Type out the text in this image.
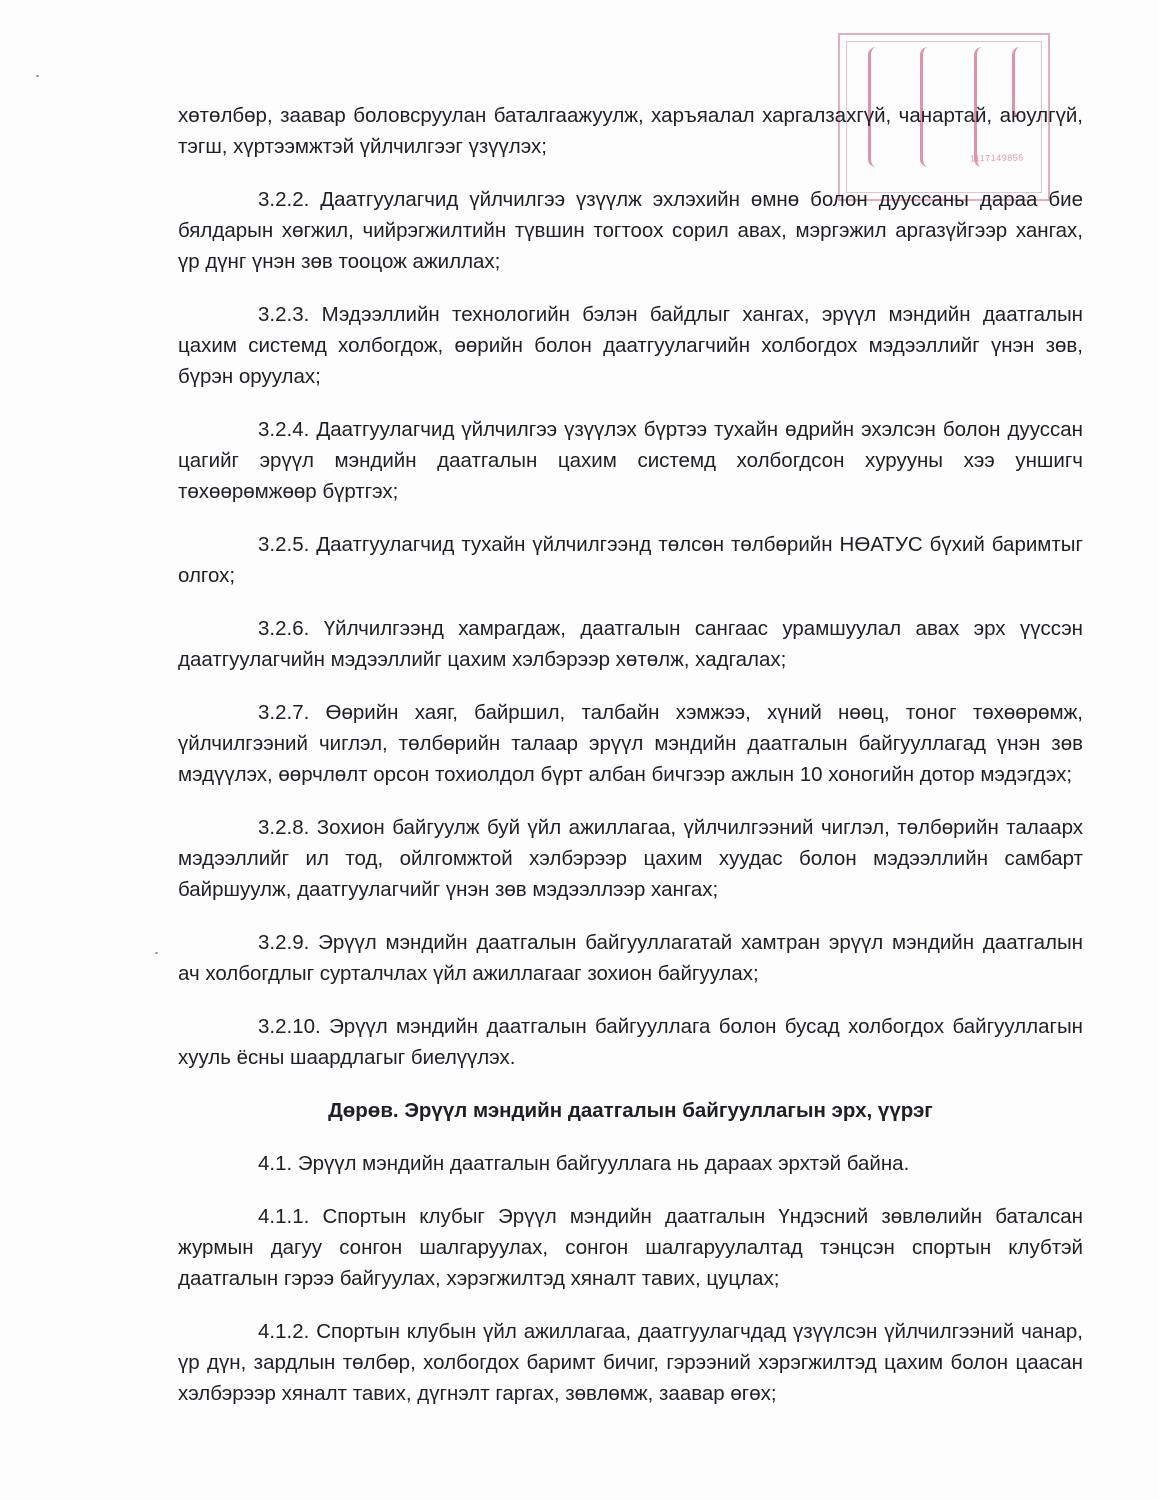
1117149856

хөтөлбөр, заавар боловсруулан баталгаажуулж, харъяалал харгалзахгүй, чанартай, аюулгүй, тэгш, хүртээмжтэй үйлчилгээг үзүүлэх;

3.2.2. Даатгуулагчид үйлчилгээ үзүүлж эхлэхийн өмнө болон дууссаны дараа бие бялдарын хөгжил, чийрэгжилтийн түвшин тогтоох сорил авах, мэргэжил аргазүйгээр хангах, үр дүнг үнэн зөв тооцож ажиллах;

3.2.3. Мэдээллийн технологийн бэлэн байдлыг хангах, эрүүл мэндийн даатгалын цахим системд холбогдож, өөрийн болон даатгуулагчийн холбогдох мэдээллийг үнэн зөв, бүрэн оруулах;

3.2.4. Даатгуулагчид үйлчилгээ үзүүлэх бүртээ тухайн өдрийн эхэлсэн болон дууссан цагийг эрүүл мэндийн даатгалын цахим системд холбогдсон хурууны хээ уншигч төхөөрөмжөөр бүртгэх;

3.2.5. Даатгуулагчид тухайн үйлчилгээнд төлсөн төлбөрийн НӨАТУС бүхий баримтыг олгох;

3.2.6. Үйлчилгээнд хамрагдаж, даатгалын сангаас урамшуулал авах эрх үүссэн даатгуулагчийн мэдээллийг цахим хэлбэрээр хөтөлж, хадгалах;

3.2.7. Өөрийн хаяг, байршил, талбайн хэмжээ, хүний нөөц, тоног төхөөрөмж, үйлчилгээний чиглэл, төлбөрийн талаар эрүүл мэндийн даатгалын байгууллагад үнэн зөв мэдүүлэх, өөрчлөлт орсон тохиолдол бүрт албан бичгээр ажлын 10 хоногийн дотор мэдэгдэх;

3.2.8. Зохион байгуулж буй үйл ажиллагаа, үйлчилгээний чиглэл, төлбөрийн талаарх мэдээллийг ил тод, ойлгомжтой хэлбэрээр цахим хуудас болон мэдээллийн самбарт байршуулж, даатгуулагчийг үнэн зөв мэдээллээр хангах;

3.2.9. Эрүүл мэндийн даатгалын байгууллагатай хамтран эрүүл мэндийн даатгалын ач холбогдлыг сурталчлах үйл ажиллагааг зохион байгуулах;

3.2.10. Эрүүл мэндийн даатгалын байгууллага болон бусад холбогдох байгууллагын хууль ёсны шаардлагыг биелүүлэх.

Дөрөв. Эрүүл мэндийн даатгалын байгууллагын эрх, үүрэг

4.1. Эрүүл мэндийн даатгалын байгууллага нь дараах эрхтэй байна.

4.1.1. Спортын клубыг Эрүүл мэндийн даатгалын Үндэсний зөвлөлийн баталсан журмын дагуу сонгон шалгаруулах, сонгон шалгаруулалтад тэнцсэн спортын клубтэй даатгалын гэрээ байгуулах, хэрэгжилтэд хяналт тавих, цуцлах;

4.1.2. Спортын клубын үйл ажиллагаа, даатгуулагчдад үзүүлсэн үйлчилгээний чанар, үр дүн, зардлын төлбөр, холбогдох баримт бичиг, гэрээний хэрэгжилтэд цахим болон цаасан хэлбэрээр хяналт тавих, дүгнэлт гаргах, зөвлөмж, заавар өгөх;
